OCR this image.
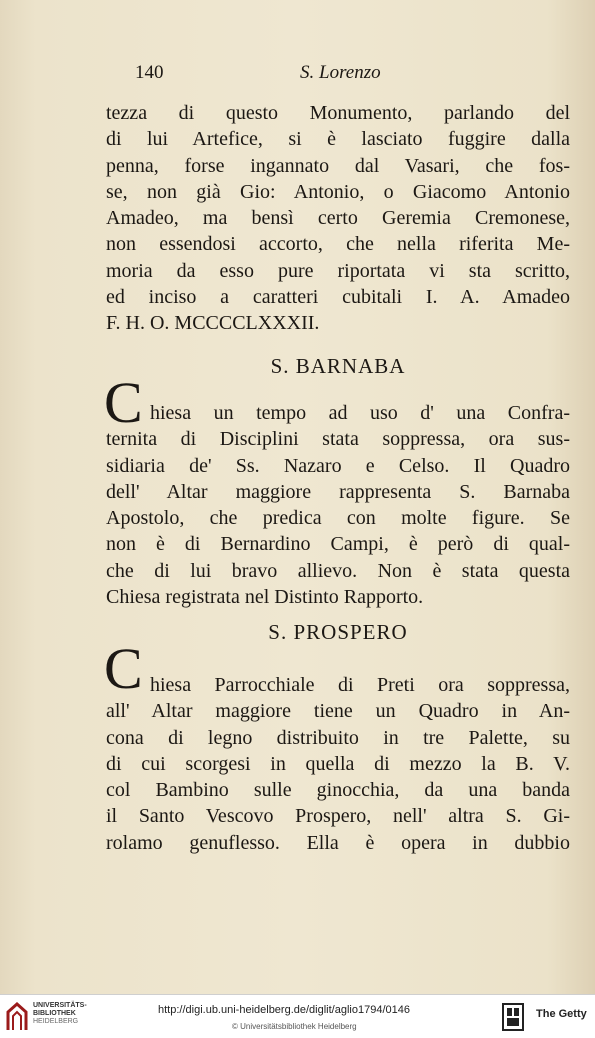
140	S. Lorenzo
tezza di questo Monumento, parlando del
di lui Artefice, si è lasciato fuggire dalla
penna, forse ingannato dal Vasari, che fos-
se, non già Gio: Antonio, o Giacomo Antonio
Amadeo, ma bensì certo Geremia Cremonese,
non essendosi accorto, che nella riferita Me-
moria da esso pure riportata vi sta scritto,
ed inciso a caratteri cubitali I. A. Amadeo
F. H. O. MCCCCLXXXII.
S. BARNABA
C hiesa un tempo ad uso d' una Confra-
ternita di Disciplini stata soppressa, ora sus-
sidiaria de' Ss. Nazaro e Celso. Il Quadro
dell' Altar maggiore rappresenta S. Barnaba
Apostolo, che predica con molte figure. Se
non è di Bernardino Campi, è però di qual-
che di lui bravo allievo. Non è stata questa
Chiesa registrata nel Distinto Rapporto.
S. PROSPERO
C hiesa Parrocchiale di Preti ora soppressa,
all' Altar maggiore tiene un Quadro in An-
cona di legno distribuito in tre Palette, su
di cui scorgesi in quella di mezzo la B. V.
col Bambino sulle ginocchia, da una banda
il Santo Vescovo Prospero, nell' altra S. Gi-
rolamo genuflesso. Ella è opera in dubbio
UNIVERSITÄTS-
BIBLIOTHEK
HEIDELBERG
http://digi.ub.uni-heidelberg.de/diglit/aglio1794/0146
© Universitätsbibliothek Heidelberg
The Getty
